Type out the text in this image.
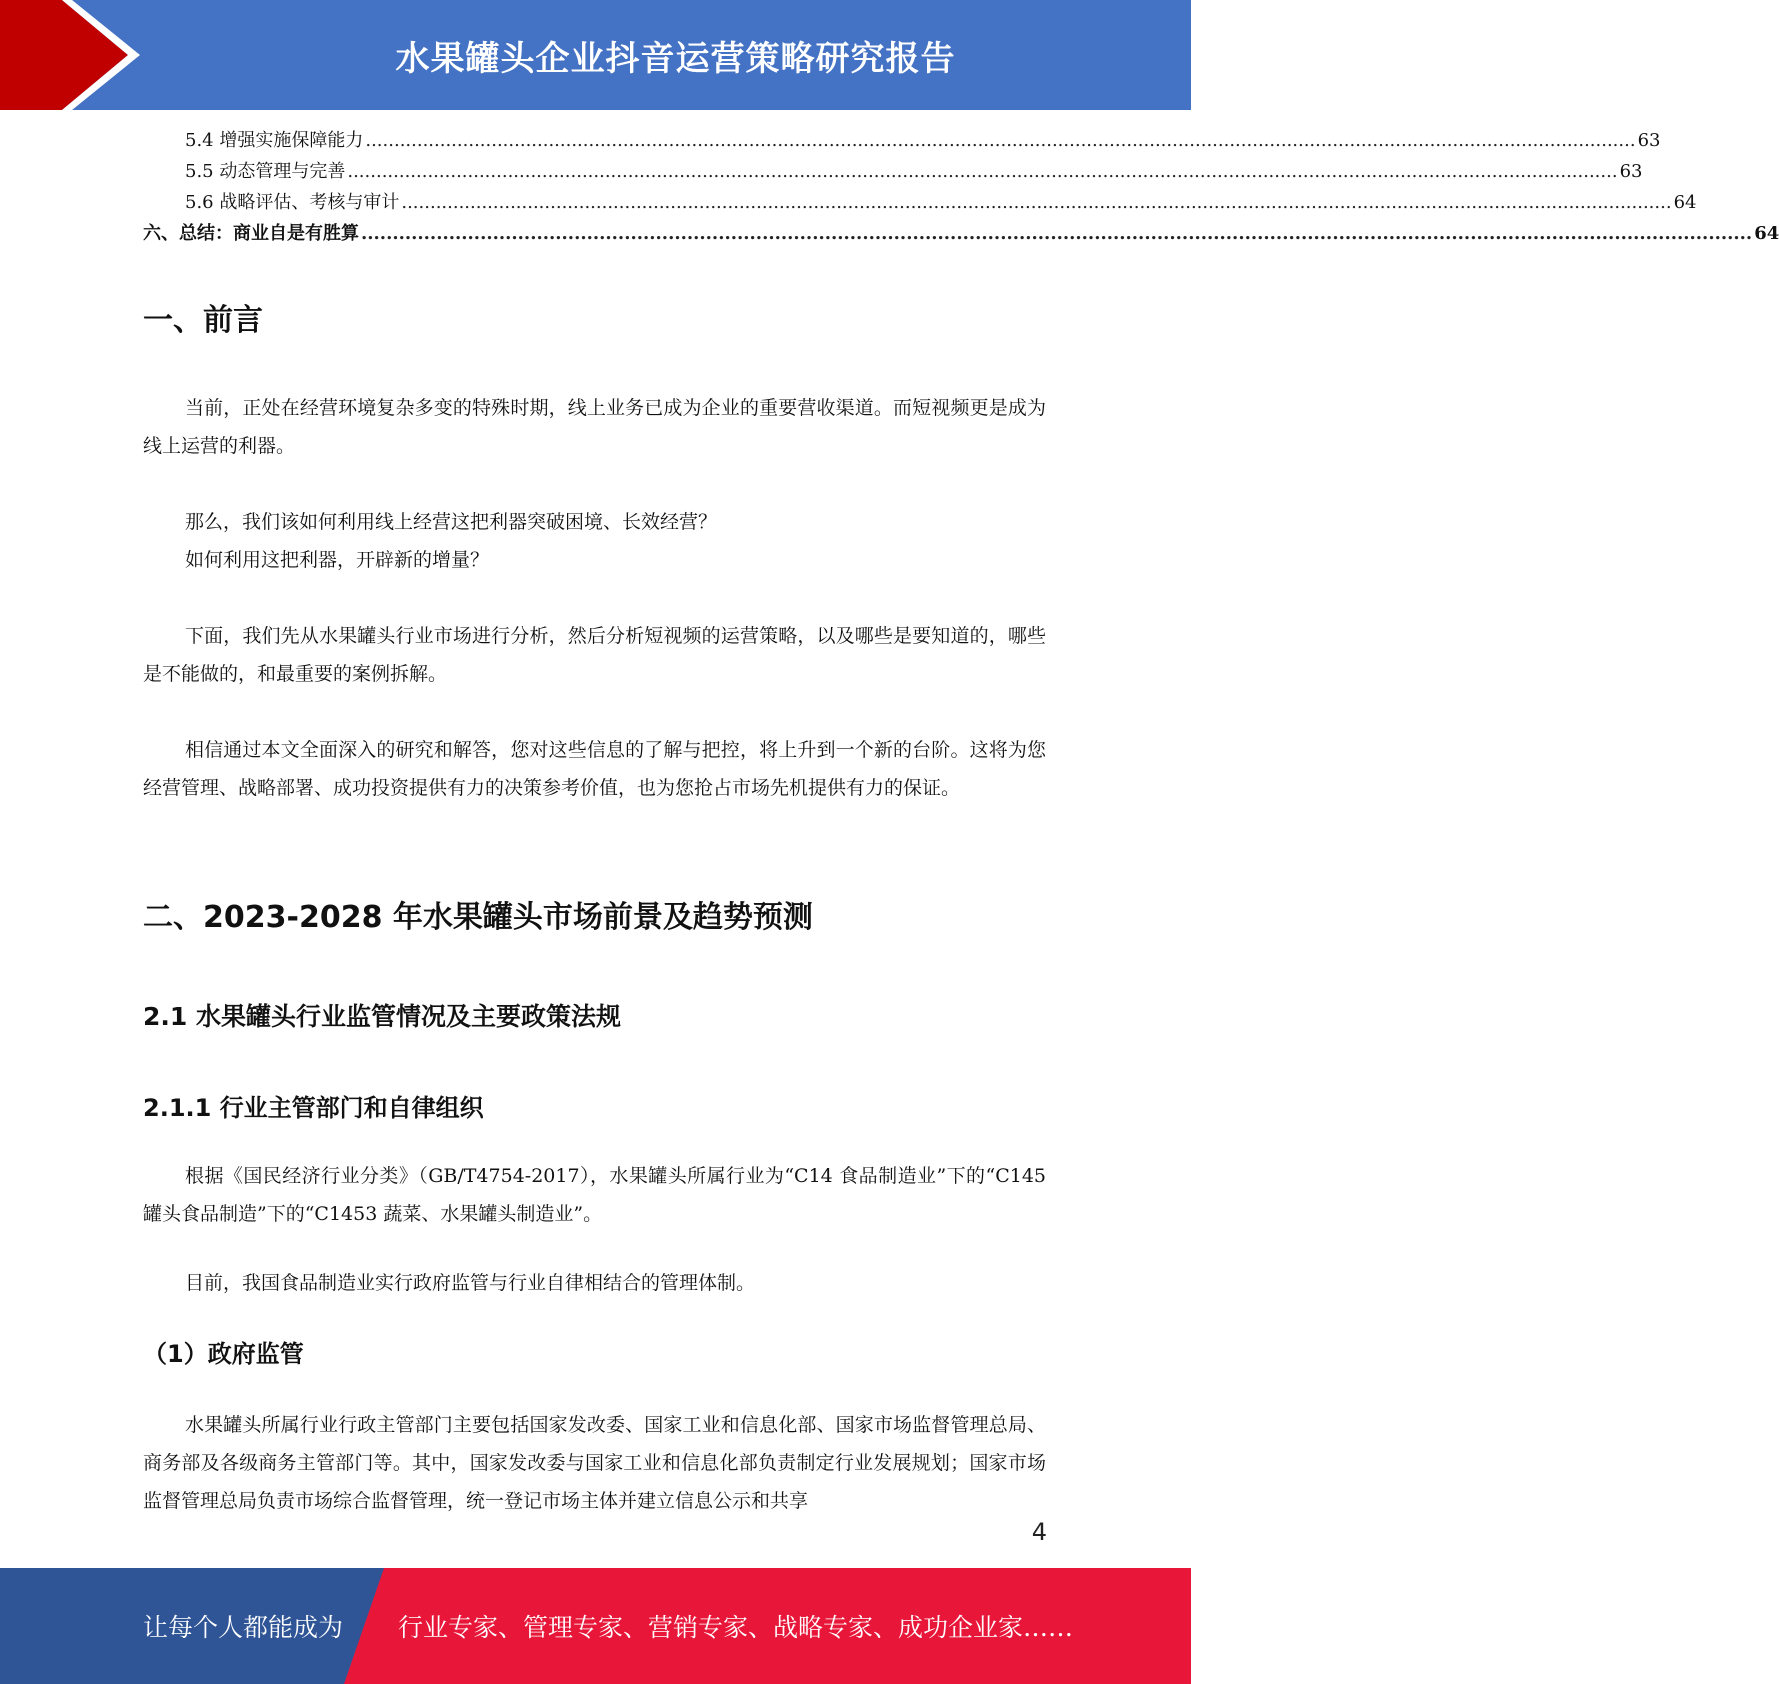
水果罐头企业抖音运营策略研究报告
5.4 增强实施保障能力 .............................................................................................................................................................................................................................. 63
5.5 动态管理与完善 .............................................................................................................................................................................................................................. 63
5.6 战略评估、考核与审计 .............................................................................................................................................................................................................................. 64
六、总结：商业自是有胜算 .............................................................................................................................................................................................................................. 64
一、前言

当前，正处在经营环境复杂多变的特殊时期，线上业务已成为企业的重要营收渠道。而短视频更是成为线上运营的利器。

那么，我们该如何利用线上经营这把利器突破困境、长效经营？

如何利用这把利器，开辟新的增量？

下面，我们先从水果罐头行业市场进行分析，然后分析短视频的运营策略，以及哪些是要知道的，哪些是不能做的，和最重要的案例拆解。

相信通过本文全面深入的研究和解答，您对这些信息的了解与把控，将上升到一个新的台阶。这将为您经营管理、战略部署、成功投资提供有力的决策参考价值，也为您抢占市场先机提供有力的保证。

二、2023-2028 年水果罐头市场前景及趋势预测
2.1 水果罐头行业监管情况及主要政策法规
2.1.1 行业主管部门和自律组织

根据《国民经济行业分类》（GB/T4754-2017），水果罐头所属行业为“C14 食品制造业”下的“C145 罐头食品制造”下的“C1453 蔬菜、水果罐头制造业”。

目前，我国食品制造业实行政府监管与行业自律相结合的管理体制。

（1）政府监管

水果罐头所属行业行政主管部门主要包括国家发改委、国家工业和信息化部、国家市场监督管理总局、商务部及各级商务主管部门等。其中，国家发改委与国家工业和信息化部负责制定行业发展规划；国家市场监督管理总局负责市场综合监督管理，统一登记市场主体并建立信息公示和共享

4
让每个人都能成为 行业专家、管理专家、营销专家、战略专家、成功企业家……
